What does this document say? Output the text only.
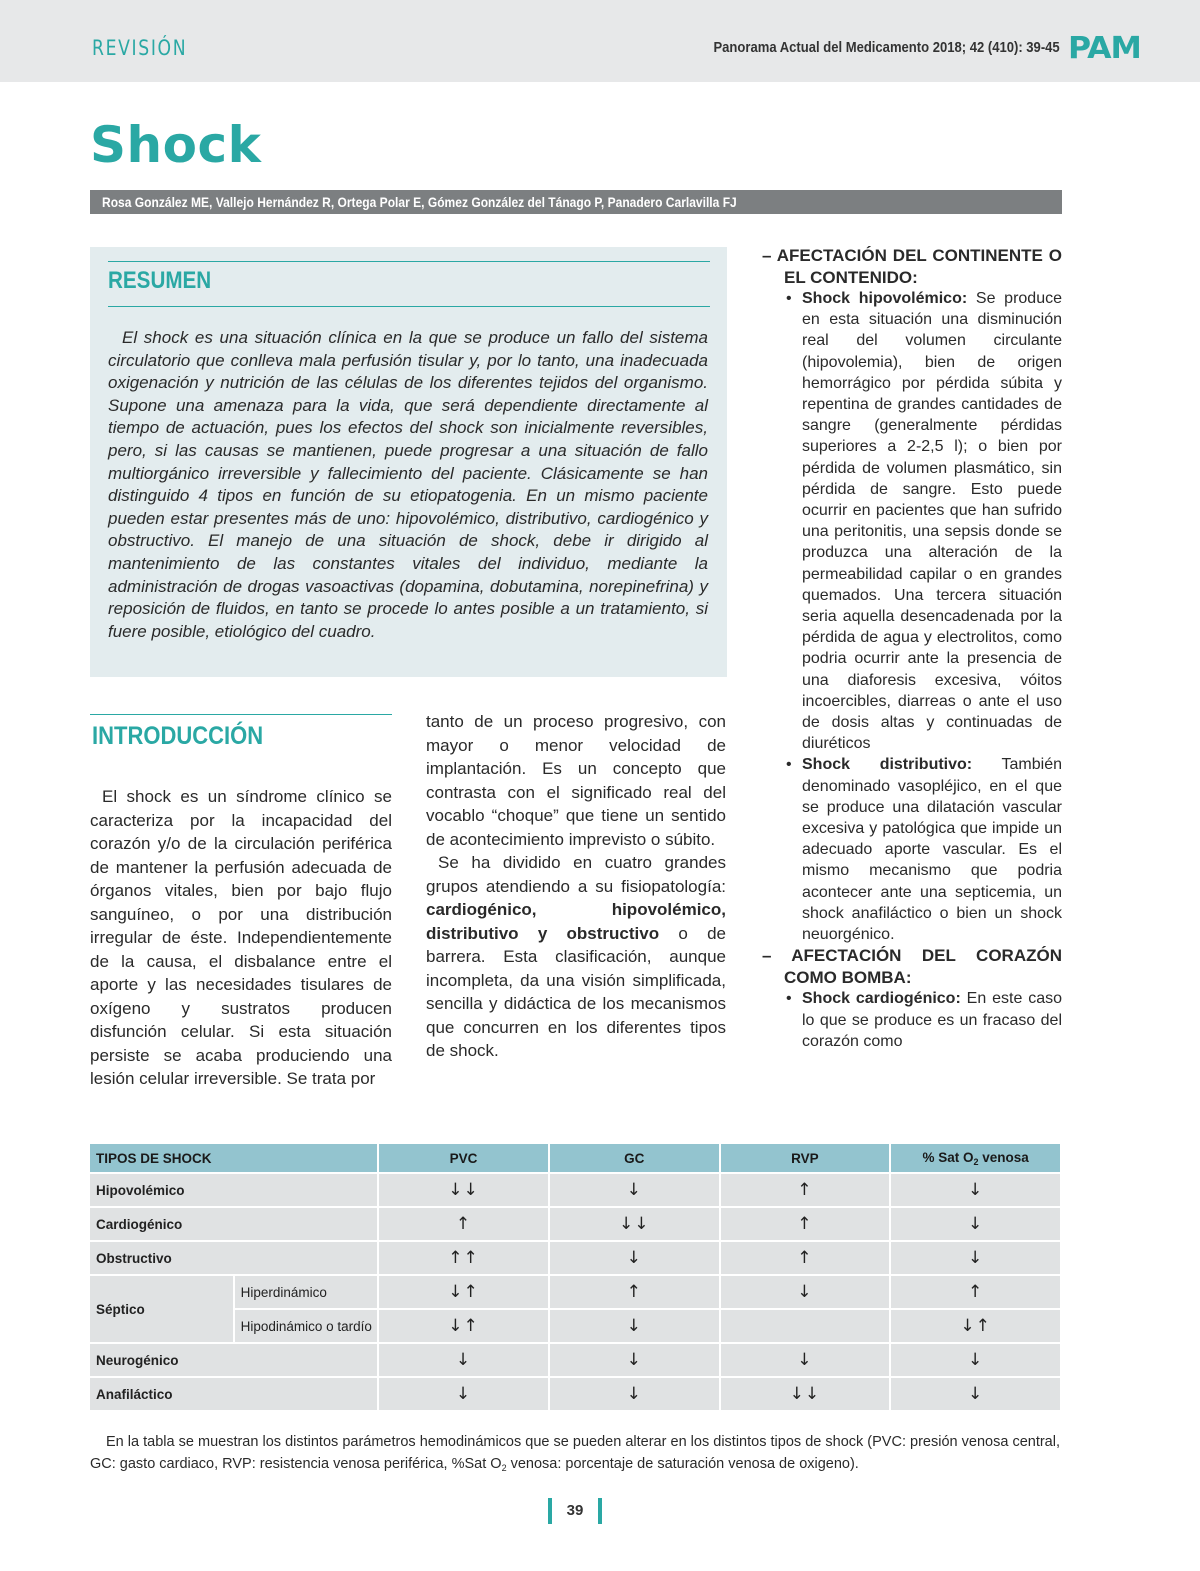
REVISIÓN	Panorama Actual del Medicamento 2018; 42 (410): 39-45 PAM
Shock
Rosa González ME, Vallejo Hernández R, Ortega Polar E, Gómez González del Tánago P, Panadero Carlavilla FJ
RESUMEN

El shock es una situación clínica en la que se produce un fallo del sistema circulatorio que conlleva mala perfusión tisular y, por lo tanto, una inadecuada oxigenación y nutrición de las células de los diferentes tejidos del organismo. Supone una amenaza para la vida, que será dependiente directamente al tiempo de actuación, pues los efectos del shock son inicialmente reversibles, pero, si las causas se mantienen, puede progresar a una situación de fallo multiorgánico irreversible y fallecimiento del paciente. Clásicamente se han distinguido 4 tipos en función de su etiopatogenia. En un mismo paciente pueden estar presentes más de uno: hipovolémico, distributivo, cardiogénico y obstructivo. El manejo de una situación de shock, debe ir dirigido al mantenimiento de las constantes vitales del individuo, mediante la administración de drogas vasoactivas (dopamina, dobutamina, norepinefrina) y reposición de fluidos, en tanto se procede lo antes posible a un tratamiento, si fuere posible, etiológico del cuadro.

INTRODUCCIÓN

El shock es un síndrome clínico se caracteriza por la incapacidad del corazón y/o de la circulación periférica de mantener la perfusión adecuada de órganos vitales, bien por bajo flujo sanguíneo, o por una distribución irregular de éste. Independientemente de la causa, el disbalance entre el aporte y las necesidades tisulares de oxígeno y sustratos producen disfunción celular. Si esta situación persiste se acaba produciendo una lesión celular irreversible. Se trata por

tanto de un proceso progresivo, con mayor o menor velocidad de implantación. Es un concepto que contrasta con el significado real del vocablo “choque” que tiene un sentido de acontecimiento imprevisto o súbito.

Se ha dividido en cuatro grandes grupos atendiendo a su fisiopatología: cardiogénico, hipovolémico, distributivo y obstructivo o de barrera. Esta clasificación, aunque incompleta, da una visión simplificada, sencilla y didáctica de los mecanismos que concurren en los diferentes tipos de shock.

– AFECTACIÓN DEL CONTINENTE O EL CONTENIDO:

• Shock hipovolémico: Se produce en esta situación una disminución real del volumen circulante (hipovolemia), bien de origen hemorrágico por pérdida súbita y repentina de grandes cantidades de sangre (generalmente pérdidas superiores a 2-2,5 l); o bien por pérdida de volumen plasmático, sin pérdida de sangre. Esto puede ocurrir en pacientes que han sufrido una peritonitis, una sepsis donde se produzca una alteración de la permeabilidad capilar o en grandes quemados. Una tercera situación seria aquella desencadenada por la pérdida de agua y electrolitos, como podria ocurrir ante la presencia de una diaforesis excesiva, vóitos incoercibles, diarreas o ante el uso de dosis altas y continuadas de diuréticos
• Shock distributivo: También denominado vasopléjico, en el que se produce una dilatación vascular excesiva y patológica que impide un adecuado aporte vascular. Es el mismo mecanismo que podria acontecer ante una septicemia, un shock anafiláctico o bien un shock neuorgénico.

– AFECTACIÓN DEL CORAZÓN COMO BOMBA:

• Shock cardiogénico: En este caso lo que se produce es un fracaso del corazón como
TIPOS DE SHOCK		PVC	GC	RVP	% Sat $O_2$ venosa
Hipovolémico		↓↓	↓	↑	↓
Cardiogénico		↑	↓↓	↑	↓
Obstructivo		↑↑	↓	↑	↓
Séptico	Hiperdinámico	↓↑	↑	↓	↑
	Hipodinámico o tardío	↓↑	↓		↓↑
Neurogénico		↓	↓	↓	↓
Anafiláctico		↓	↓	↓↓	↓
En la tabla se muestran los distintos parámetros hemodinámicos que se pueden alterar en los distintos tipos de shock (PVC: presión venosa central, GC: gasto cardiaco, RVP: resistencia venosa periférica, %Sat $O_2$ venosa: porcentaje de saturación venosa de oxigeno).
39
